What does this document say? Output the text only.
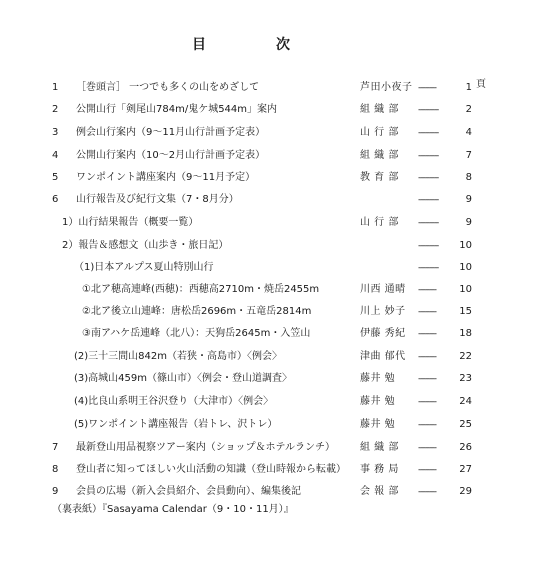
目次
頁
1 ［巻頭言］ 一つでも多くの山をめざして	芦田小夜子 --------	1
2 公開山行「剣尾山784m/鬼ケ城544m」案内	組 織 部 ---------	2
3 例会山行案内（9～11月山行計画予定表）	山 行 部 ---------	4
4 公開山行案内（10～2月山行計画予定表）	組 織 部 ---------	7
5 ワンポイント講座案内（9～11月予定）	教 育 部 ---------	8
6 山行報告及び紀行文集（7・8月分）	---------	9
1）山行結果報告（概要一覧）	山 行 部 ---------	9
2）報告＆感想文（山歩き・旅日記）	---------	10
（1)日本アルプス夏山特別山行	---------	10
①北ア穂高連峰(西穂)：西穂高2710m・焼岳2455m	川西 通晴 --------	10
②北ア後立山連峰：唐松岳2696m・五竜岳2814m	川上 妙子 --------	15
③南アハケ岳連峰（北八）：天狗岳2645m・入笠山	伊藤 秀紀 --------	18
(2)三十三間山842m（若狭・高島市）〈例会〉	津曲 郁代 --------	22
(3)高城山459m（篠山市）〈例会・登山道調査〉	藤井 勉	--------	23
(4)比良山系明王谷沢登り（大津市）〈例会〉	藤井 勉	--------	24
(5)ワンポイント講座報告（岩トレ、沢トレ）	藤井 勉	--------	25
7 最新登山用品視察ツアー案内（ショップ＆ホテルランチ）	組 織 部 --------	26
8 登山者に知ってほしい火山活動の知識（登山時報から転載） 事 務 局 --------	27
9 会員の広場（新入会員紹介、会員動向）、編集後記	会 報 部 --------	29
（裏表紙）『Sasayama Calendar（9・10・11月）』
